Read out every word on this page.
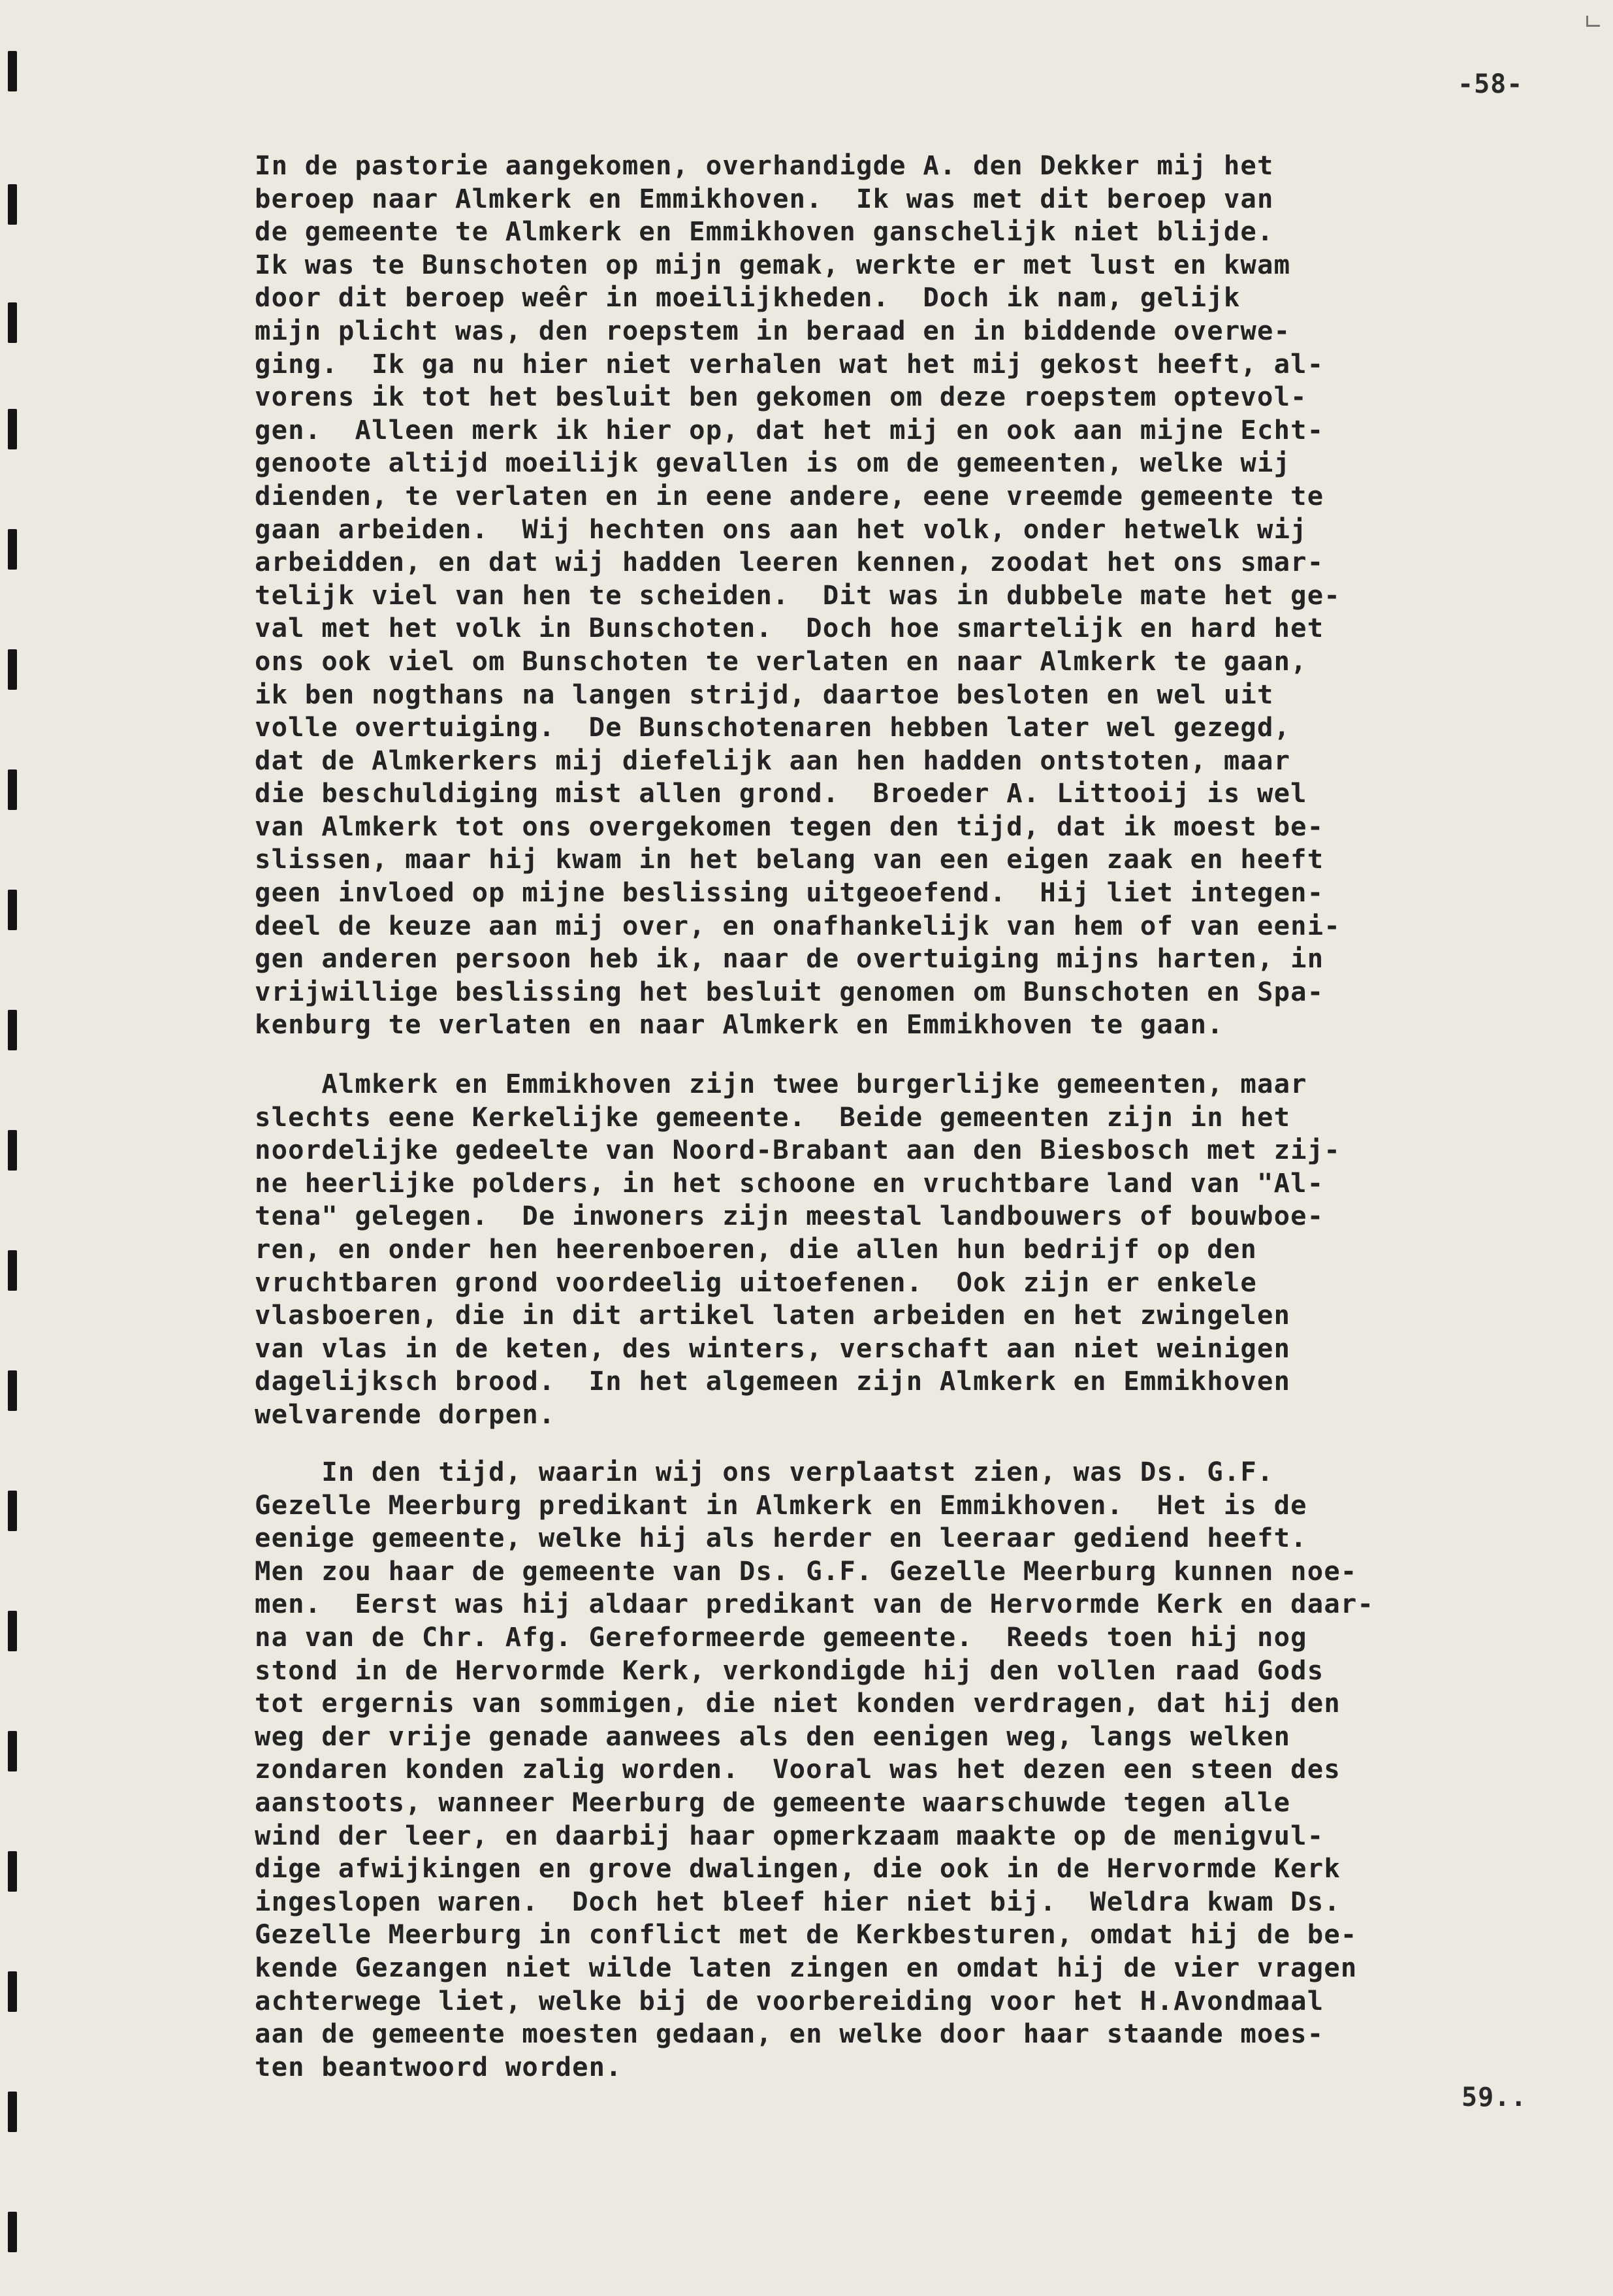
-58-
In de pastorie aangekomen, overhandigde A. den Dekker mij het
beroep naar Almkerk en Emmikhoven.  Ik was met dit beroep van
de gemeente te Almkerk en Emmikhoven ganschelijk niet blijde.
Ik was te Bunschoten op mijn gemak, werkte er met lust en kwam
door dit beroep weêr in moeilijkheden.  Doch ik nam, gelijk
mijn plicht was, den roepstem in beraad en in biddende overwe-
ging.  Ik ga nu hier niet verhalen wat het mij gekost heeft, al-
vorens ik tot het besluit ben gekomen om deze roepstem optevol-
gen.  Alleen merk ik hier op, dat het mij en ook aan mijne Echt-
genoote altijd moeilijk gevallen is om de gemeenten, welke wij
dienden, te verlaten en in eene andere, eene vreemde gemeente te
gaan arbeiden.  Wij hechten ons aan het volk, onder hetwelk wij
arbeidden, en dat wij hadden leeren kennen, zoodat het ons smar-
telijk viel van hen te scheiden.  Dit was in dubbele mate het ge-
val met het volk in Bunschoten.  Doch hoe smartelijk en hard het
ons ook viel om Bunschoten te verlaten en naar Almkerk te gaan,
ik ben nogthans na langen strijd, daartoe besloten en wel uit
volle overtuiging.  De Bunschotenaren hebben later wel gezegd,
dat de Almkerkers mij diefelijk aan hen hadden ontstoten, maar
die beschuldiging mist allen grond.  Broeder A. Littooij is wel
van Almkerk tot ons overgekomen tegen den tijd, dat ik moest be-
slissen, maar hij kwam in het belang van een eigen zaak en heeft
geen invloed op mijne beslissing uitgeoefend.  Hij liet integen-
deel de keuze aan mij over, en onafhankelijk van hem of van eeni-
gen anderen persoon heb ik, naar de overtuiging mijns harten, in
vrijwillige beslissing het besluit genomen om Bunschoten en Spa-
kenburg te verlaten en naar Almkerk en Emmikhoven te gaan.
Almkerk en Emmikhoven zijn twee burgerlijke gemeenten, maar
slechts eene Kerkelijke gemeente.  Beide gemeenten zijn in het
noordelijke gedeelte van Noord-Brabant aan den Biesbosch met zij-
ne heerlijke polders, in het schoone en vruchtbare land van "Al-
tena" gelegen.  De inwoners zijn meestal landbouwers of bouwboe-
ren, en onder hen heerenboeren, die allen hun bedrijf op den
vruchtbaren grond voordeelig uitoefenen.  Ook zijn er enkele
vlasboeren, die in dit artikel laten arbeiden en het zwingelen
van vlas in de keten, des winters, verschaft aan niet weinigen
dagelijksch brood.  In het algemeen zijn Almkerk en Emmikhoven
welvarende dorpen.
In den tijd, waarin wij ons verplaatst zien, was Ds. G.F.
Gezelle Meerburg predikant in Almkerk en Emmikhoven.  Het is de
eenige gemeente, welke hij als herder en leeraar gediend heeft.
Men zou haar de gemeente van Ds. G.F. Gezelle Meerburg kunnen noe-
men.  Eerst was hij aldaar predikant van de Hervormde Kerk en daar-
na van de Chr. Afg. Gereformeerde gemeente.  Reeds toen hij nog
stond in de Hervormde Kerk, verkondigde hij den vollen raad Gods
tot ergernis van sommigen, die niet konden verdragen, dat hij den
weg der vrije genade aanwees als den eenigen weg, langs welken
zondaren konden zalig worden.  Vooral was het dezen een steen des
aanstoots, wanneer Meerburg de gemeente waarschuwde tegen alle
wind der leer, en daarbij haar opmerkzaam maakte op de menigvul-
dige afwijkingen en grove dwalingen, die ook in de Hervormde Kerk
ingeslopen waren.  Doch het bleef hier niet bij.  Weldra kwam Ds.
Gezelle Meerburg in conflict met de Kerkbesturen, omdat hij de be-
kende Gezangen niet wilde laten zingen en omdat hij de vier vragen
achterwege liet, welke bij de voorbereiding voor het H.Avondmaal
aan de gemeente moesten gedaan, en welke door haar staande moes-
ten beantwoord worden.
59..
